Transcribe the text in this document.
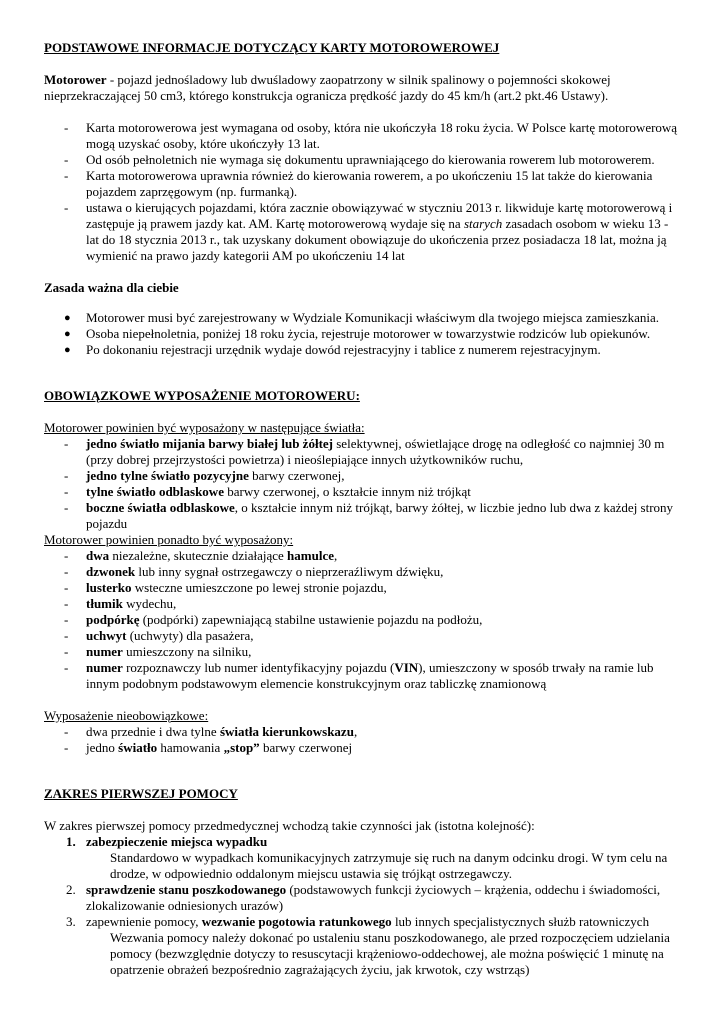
PODSTAWOWE INFORMACJE DOTYCZĄCY KARTY MOTOROWEROWEJ

Motorower - pojazd jednośladowy lub dwuśladowy zaopatrzony w silnik spalinowy o pojemności skokowej nieprzekraczającej 50 cm3, którego konstrukcja ogranicza prędkość jazdy do 45 km/h (art.2 pkt.46 Ustawy).

- Karta motorowerowa jest wymagana od osoby, która nie ukończyła 18 roku życia. W Polsce kartę motorowerową mogą uzyskać osoby, które ukończyły 13 lat.
- Od osób pełnoletnich nie wymaga się dokumentu uprawniającego do kierowania rowerem lub motorowerem.
- Karta motorowerowa uprawnia również do kierowania rowerem, a po ukończeniu 15 lat także do kierowania pojazdem zaprzęgowym (np. furmanką).
- ustawa o kierujących pojazdami, która zacznie obowiązywać w styczniu 2013 r. likwiduje kartę motorowerową i zastępuje ją prawem jazdy kat. AM. Kartę motorowerową wydaje się na starych zasadach osobom w wieku 13 - lat do 18 stycznia 2013 r., tak uzyskany dokument obowiązuje do ukończenia przez posiadacza 18 lat, można ją wymienić na prawo jazdy kategorii AM po ukończeniu 14 lat

Zasada ważna dla ciebie

● Motorower musi być zarejestrowany w Wydziale Komunikacji właściwym dla twojego miejsca zamieszkania.
● Osoba niepełnoletnia, poniżej 18 roku życia, rejestruje motorower w towarzystwie rodziców lub opiekunów.
● Po dokonaniu rejestracji urzędnik wydaje dowód rejestracyjny i tablice z numerem rejestracyjnym.

OBOWIĄZKOWE WYPOSAŻENIE MOTOROWERU:

Motorower powinien być wyposażony w następujące światła:

- jedno światło mijania barwy białej lub żółtej selektywnej, oświetlające drogę na odległość co najmniej 30 m (przy dobrej przejrzystości powietrza) i nieoślepiające innych użytkowników ruchu,
- jedno tylne światło pozycyjne barwy czerwonej,
- tylne światło odblaskowe barwy czerwonej, o kształcie innym niż trójkąt
- boczne światła odblaskowe, o kształcie innym niż trójkąt, barwy żółtej, w liczbie jedno lub dwa z każdej strony pojazdu

Motorower powinien ponadto być wyposażony:

- dwa niezależne, skutecznie działające hamulce,
- dzwonek lub inny sygnał ostrzegawczy o nieprzeraźliwym dźwięku,
- lusterko wsteczne umieszczone po lewej stronie pojazdu,
- tłumik wydechu,
- podpórkę (podpórki) zapewniającą stabilne ustawienie pojazdu na podłożu,
- uchwyt (uchwyty) dla pasażera,
- numer umieszczony na silniku,
- numer rozpoznawczy lub numer identyfikacyjny pojazdu (VIN), umieszczony w sposób trwały na ramie lub innym podobnym podstawowym elemencie konstrukcyjnym oraz tabliczkę znamionową

Wyposażenie nieobowiązkowe:

- dwa przednie i dwa tylne światła kierunkowskazu,
- jedno światło hamowania „stop” barwy czerwonej

ZAKRES PIERWSZEJ POMOCY

W zakres pierwszej pomocy przedmedycznej wchodzą takie czynności jak (istotna kolejność):

1. zabezpieczenie miejsca wypadku
Standardowo w wypadkach komunikacyjnych zatrzymuje się ruch na danym odcinku drogi. W tym celu na drodze, w odpowiednio oddalonym miejscu ustawia się trójkąt ostrzegawczy.
2. sprawdzenie stanu poszkodowanego (podstawowych funkcji życiowych – krążenia, oddechu i świadomości, zlokalizowanie odniesionych urazów)
3. zapewnienie pomocy, wezwanie pogotowia ratunkowego lub innych specjalistycznych służb ratowniczych
Wezwania pomocy należy dokonać po ustaleniu stanu poszkodowanego, ale przed rozpoczęciem udzielania pomocy (bezwzględnie dotyczy to resuscytacji krążeniowo-oddechowej, ale można poświęcić 1 minutę na opatrzenie obrażeń bezpośrednio zagrażających życiu, jak krwotok, czy wstrząs)
